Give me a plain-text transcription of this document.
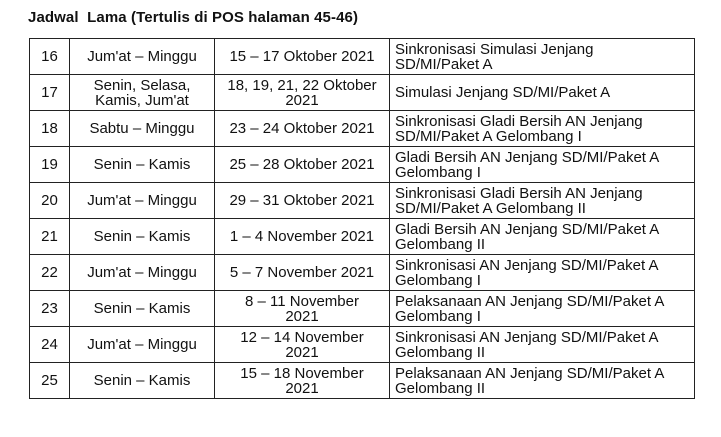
Jadwal  Lama (Tertulis di POS halaman 45-46)
16	Jum'at – Minggu	15 – 17 Oktober 2021	Sinkronisasi Simulasi Jenjang
SD/MI/Paket A

17	Senin, Selasa,
Kamis, Jum'at	18, 19, 21, 22 Oktober
2021	Simulasi Jenjang SD/MI/Paket A

18	Sabtu – Minggu	23 – 24 Oktober 2021	Sinkronisasi Gladi Bersih AN Jenjang
SD/MI/Paket A Gelombang I

19	Senin – Kamis	25 – 28 Oktober 2021	Gladi Bersih AN Jenjang SD/MI/Paket A
Gelombang I

20	Jum'at – Minggu	29 – 31 Oktober 2021	Sinkronisasi Gladi Bersih AN Jenjang
SD/MI/Paket A Gelombang II

21	Senin – Kamis	1 – 4 November 2021	Gladi Bersih AN Jenjang SD/MI/Paket A
Gelombang II

22	Jum'at – Minggu	5 – 7 November 2021	Sinkronisasi AN Jenjang SD/MI/Paket A
Gelombang I

23	Senin – Kamis	8 – 11 November
2021	Pelaksanaan AN Jenjang SD/MI/Paket A
Gelombang I

24	Jum'at – Minggu	12 – 14 November
2021	Sinkronisasi AN Jenjang SD/MI/Paket A
Gelombang II

25	Senin – Kamis	15 – 18 November
2021	Pelaksanaan AN Jenjang SD/MI/Paket A
Gelombang II
